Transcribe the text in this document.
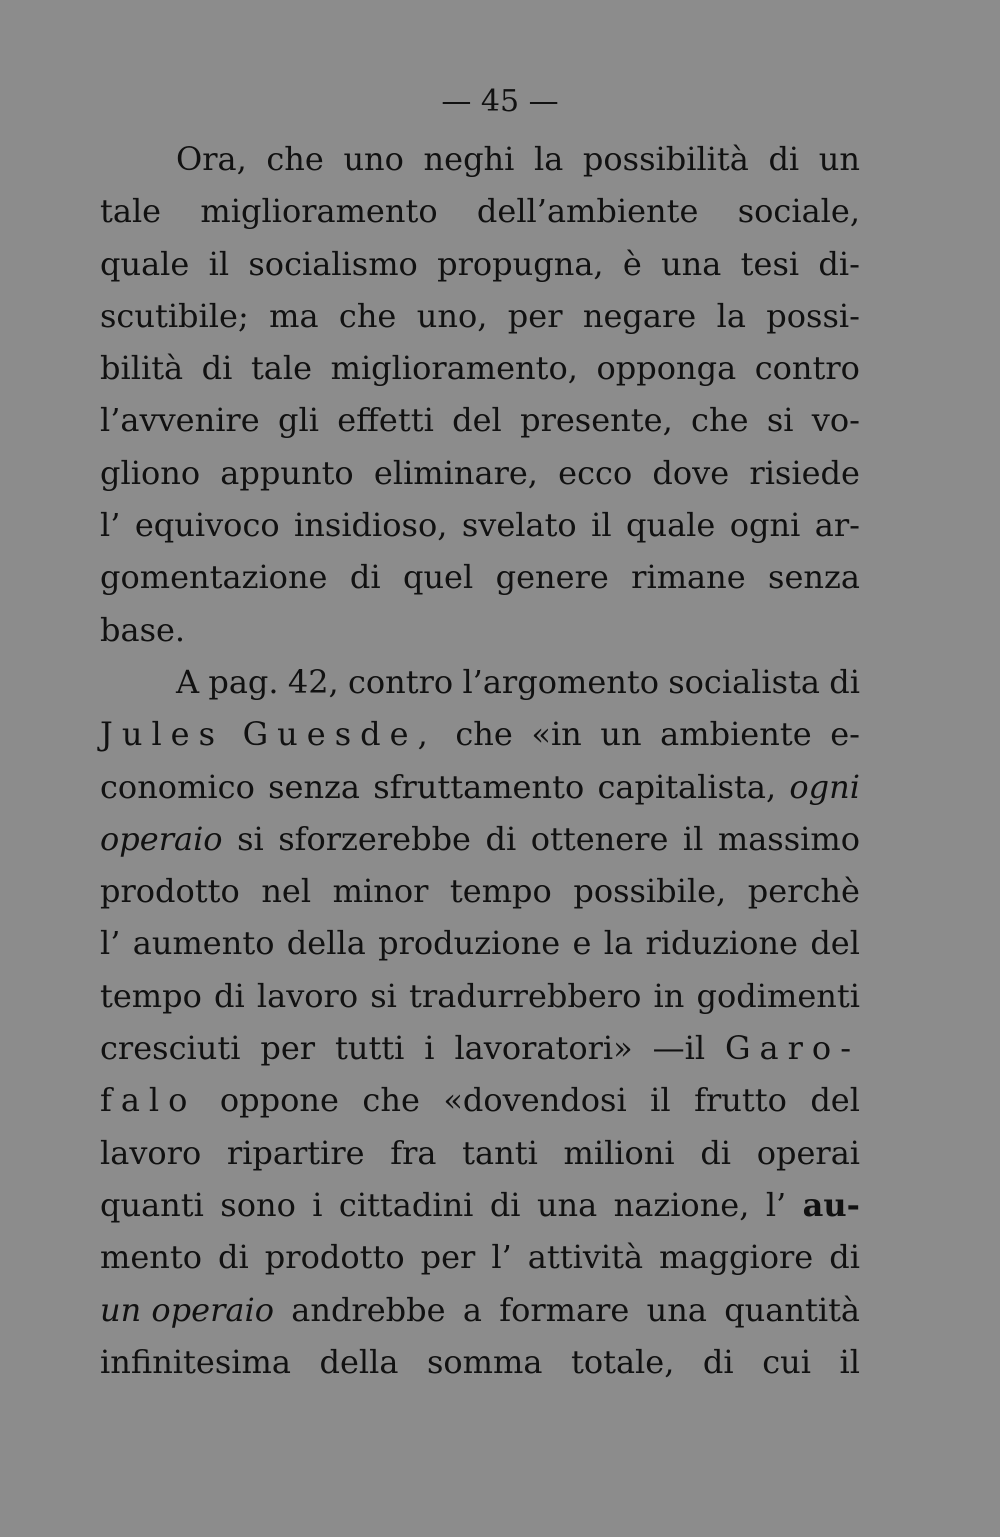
— 45 —
Ora, che uno neghi la possibilità di un
tale miglioramento dell’ambiente sociale,
quale il socialismo propugna, è una tesi di-
scutibile; ma che uno, per negare la possi-
bilità di tale miglioramento, opponga contro
l’avvenire gli effetti del presente, che si vo-
gliono appunto eliminare, ecco dove risiede
l’ equivoco insidioso, svelato il quale ogni ar-
gomentazione di quel genere rimane senza
base.
A pag. 42, contro l’argomento socialista di
Jules Guesde, che «in un ambiente e-
conomico senza sfruttamento capitalista, ogni
operaio si sforzerebbe di ottenere il massimo
prodotto nel minor tempo possibile, perchè
l’ aumento della produzione e la riduzione del
tempo di lavoro si tradurrebbero in godimenti
cresciuti per tutti i lavoratori» —il Garo-
falo oppone che «dovendosi il frutto del
lavoro ripartire fra tanti milioni di operai
quanti sono i cittadini di una nazione, l’ au-
mento di prodotto per l’ attività maggiore di
un operaio andrebbe a formare una quantità
infinitesima della somma totale, di cui il
